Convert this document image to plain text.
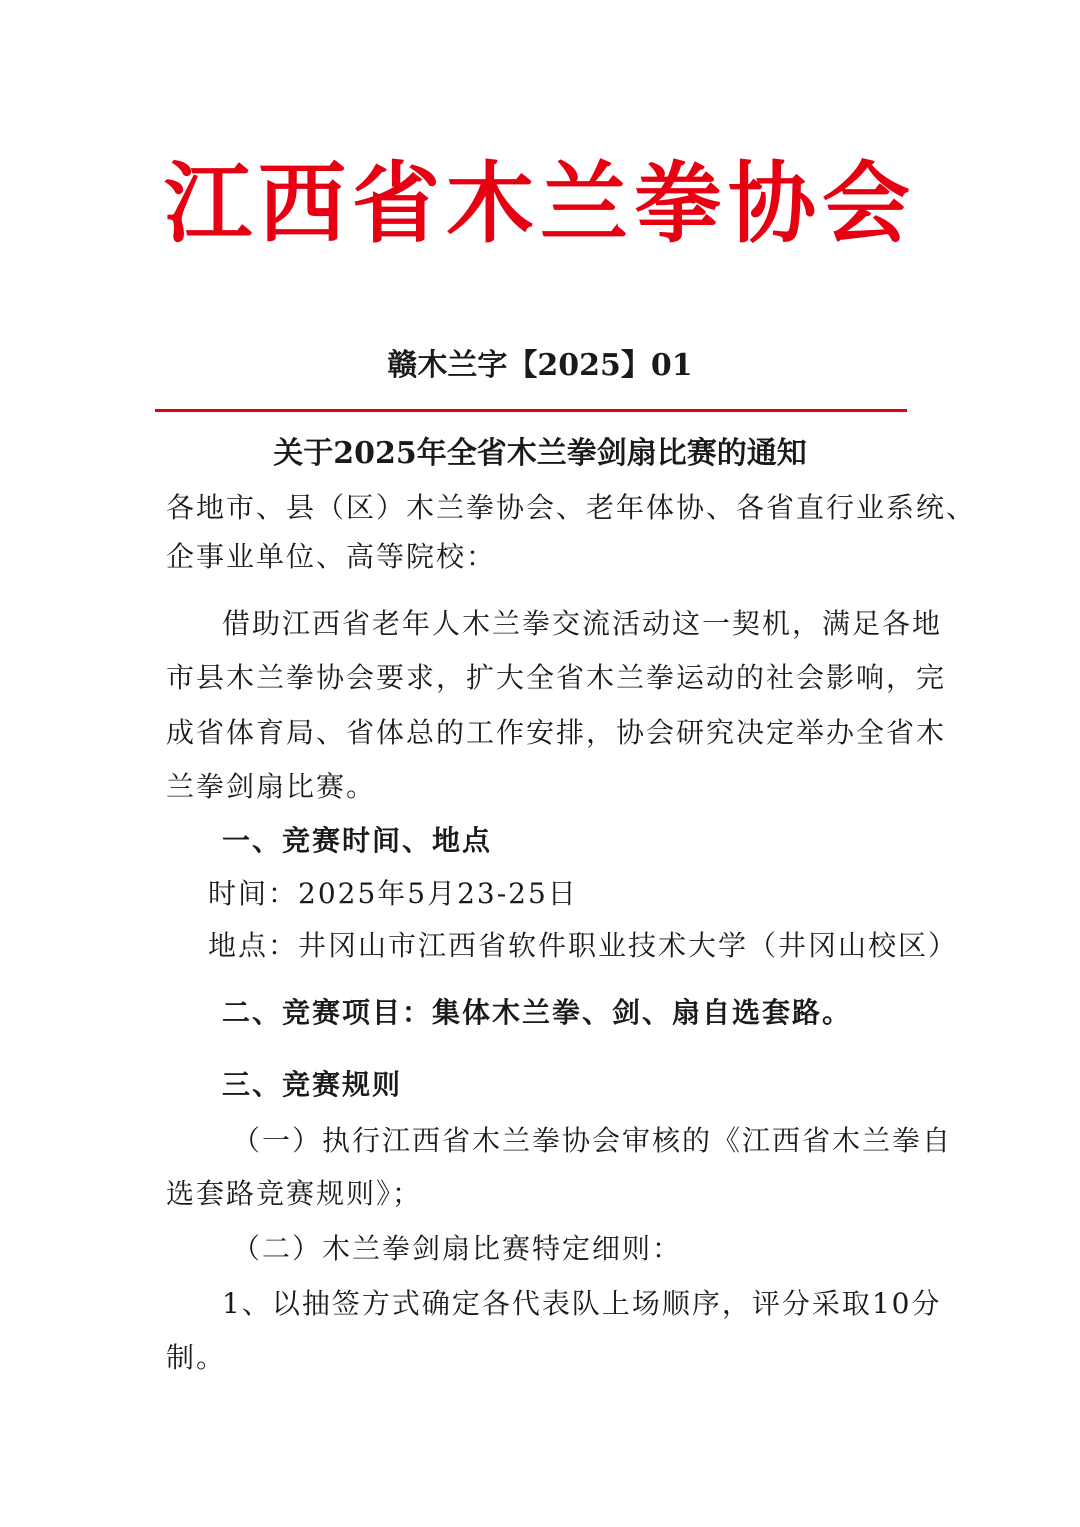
江西省木兰拳协会
赣木兰字【2025】01
关于2025年全省木兰拳剑扇比赛的通知
各地市、县（区）木兰拳协会、老年体协、各省直行业系统、
企事业单位、高等院校：
借助江西省老年人木兰拳交流活动这一契机，满足各地
市县木兰拳协会要求，扩大全省木兰拳运动的社会影响，完
成省体育局、省体总的工作安排，协会研究决定举办全省木
兰拳剑扇比赛。
一、竞赛时间、地点
时间：2025年5月23-25日
地点：井冈山市江西省软件职业技术大学（井冈山校区）
二、竞赛项目：集体木兰拳、剑、扇自选套路。
三、竞赛规则
（一）执行江西省木兰拳协会审核的《江西省木兰拳自
选套路竞赛规则》；
（二）木兰拳剑扇比赛特定细则：
1、以抽签方式确定各代表队上场顺序，评分采取10分
制。
